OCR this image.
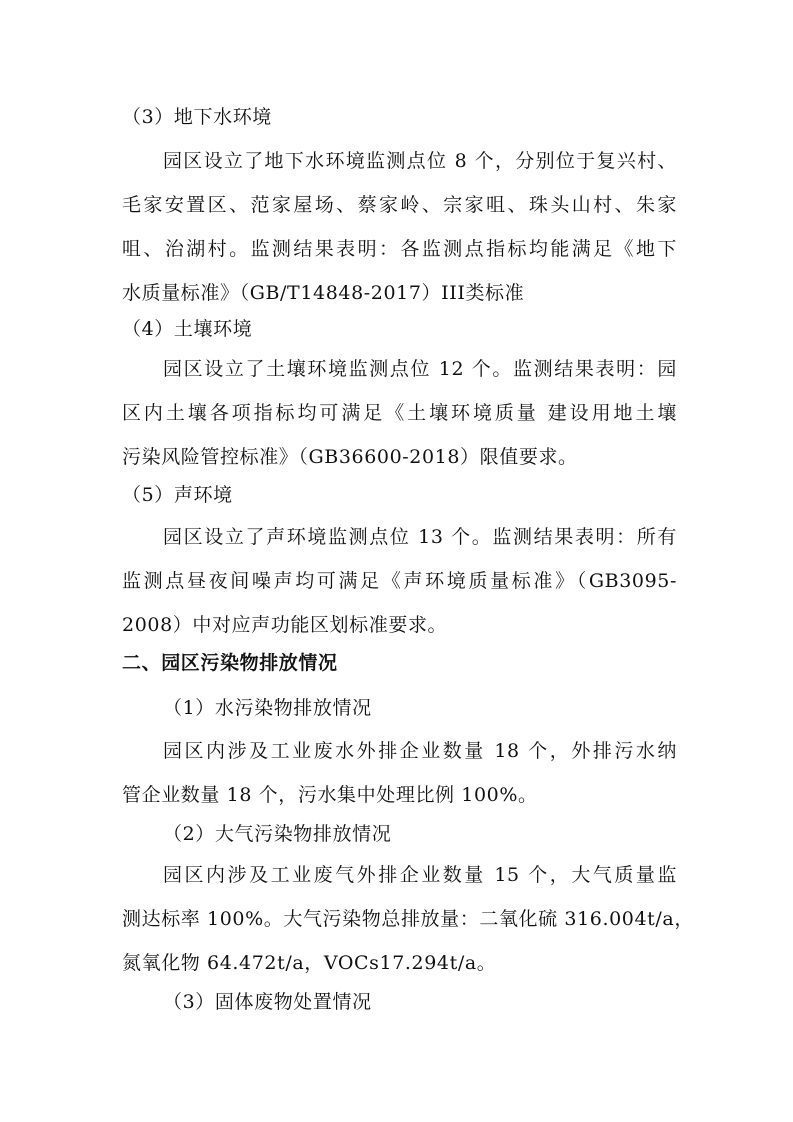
（3）地下水环境
园区设立了地下水环境监测点位 8 个，分别位于复兴村、
毛家安置区、范家屋场、蔡家岭、宗家咀、珠头山村、朱家
咀、治湖村。监测结果表明：各监测点指标均能满足《地下
水质量标准》（GB/T14848-2017）III类标准
（4）土壤环境
园区设立了土壤环境监测点位 12 个。监测结果表明：园
区内土壤各项指标均可满足《土壤环境质量 建设用地土壤
污染风险管控标准》（GB36600-2018）限值要求。
（5）声环境
园区设立了声环境监测点位 13 个。监测结果表明：所有
监测点昼夜间噪声均可满足《声环境质量标准》（GB3095-
2008）中对应声功能区划标准要求。
二、园区污染物排放情况
（1）水污染物排放情况
园区内涉及工业废水外排企业数量 18 个，外排污水纳
管企业数量 18 个，污水集中处理比例 100%。
（2）大气污染物排放情况
园区内涉及工业废气外排企业数量 15 个，大气质量监
测达标率 100%。大气污染物总排放量：二氧化硫 316.004t/a，
氮氧化物 64.472t/a，VOCs17.294t/a。
（3）固体废物处置情况
